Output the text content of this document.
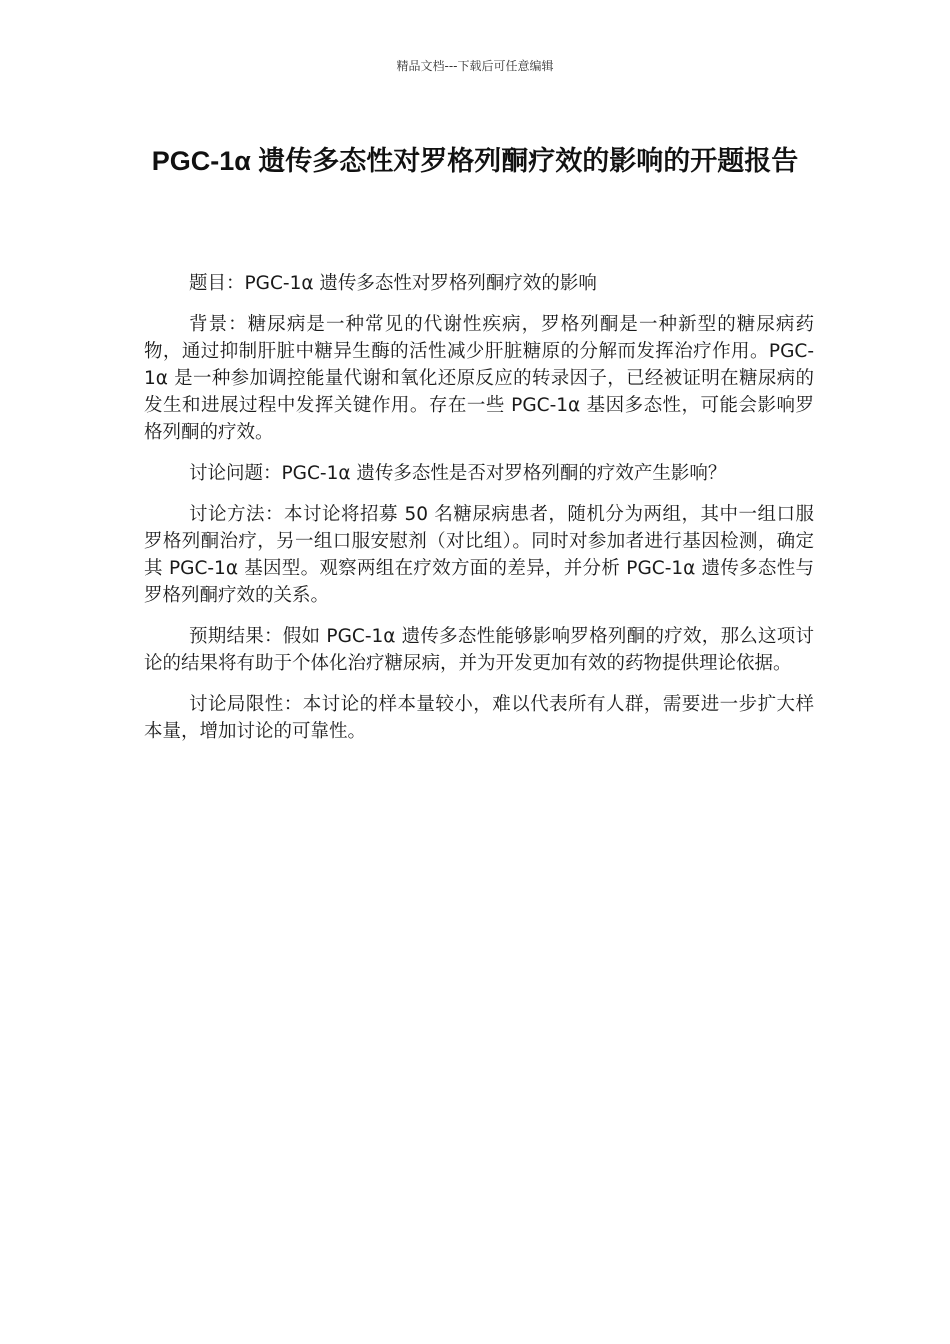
精品文档---下载后可任意编辑
PGC-1α 遗传多态性对罗格列酮疗效的影响的开题报告

题目：PGC-1α 遗传多态性对罗格列酮疗效的影响

背景：糖尿病是一种常见的代谢性疾病，罗格列酮是一种新型的糖尿病药物，通过抑制肝脏中糖异生酶的活性减少肝脏糖原的分解而发挥治疗作用。PGC-1α 是一种参加调控能量代谢和氧化还原反应的转录因子，已经被证明在糖尿病的发生和进展过程中发挥关键作用。存在一些 PGC-1α 基因多态性，可能会影响罗格列酮的疗效。

讨论问题：PGC-1α 遗传多态性是否对罗格列酮的疗效产生影响？

讨论方法：本讨论将招募 50 名糖尿病患者，随机分为两组，其中一组口服罗格列酮治疗，另一组口服安慰剂（对比组）。同时对参加者进行基因检测，确定其 PGC-1α 基因型。观察两组在疗效方面的差异，并分析 PGC-1α 遗传多态性与罗格列酮疗效的关系。

预期结果：假如 PGC-1α 遗传多态性能够影响罗格列酮的疗效，那么这项讨论的结果将有助于个体化治疗糖尿病，并为开发更加有效的药物提供理论依据。

讨论局限性：本讨论的样本量较小，难以代表所有人群，需要进一步扩大样本量，增加讨论的可靠性。
